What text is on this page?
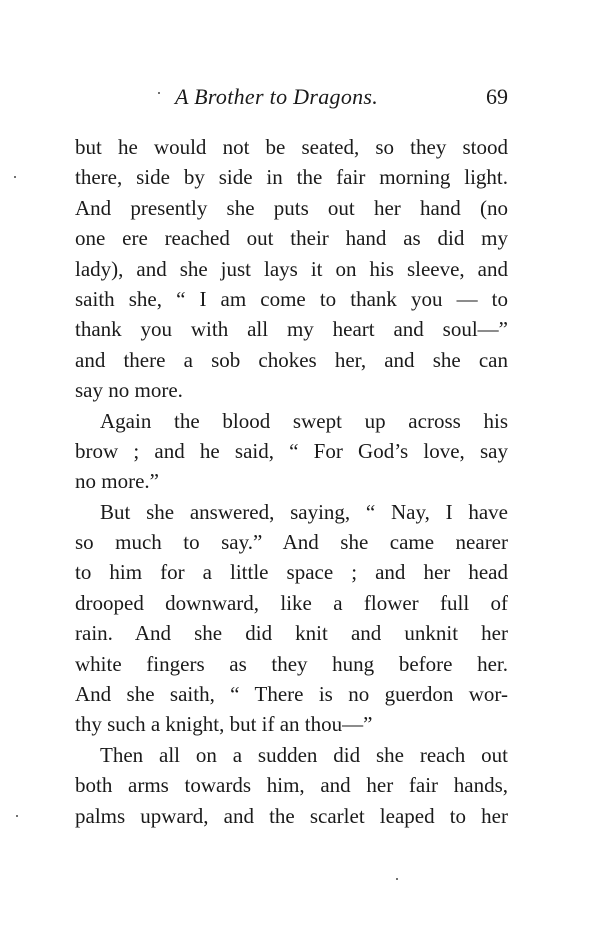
A Brother to Dragons.	69
but he would not be seated, so they stood
there, side by side in the fair morning light.
And presently she puts out her hand (no
one ere reached out their hand as did my
lady), and she just lays it on his sleeve, and
saith she, “ I am come to thank you — to
thank you with all my heart and soul—”
and there a sob chokes her, and she can
say no more.
Again the blood swept up across his
brow ; and he said, “ For God’s love, say
no more.”
But she answered, saying, “ Nay, I have
so much to say.” And she came nearer
to him for a little space ; and her head
drooped downward, like a flower full of
rain. And she did knit and unknit her
white fingers as they hung before her.
And she saith, “ There is no guerdon wor-
thy such a knight, but if an thou—”
Then all on a sudden did she reach out
both arms towards him, and her fair hands,
palms upward, and the scarlet leaped to her
